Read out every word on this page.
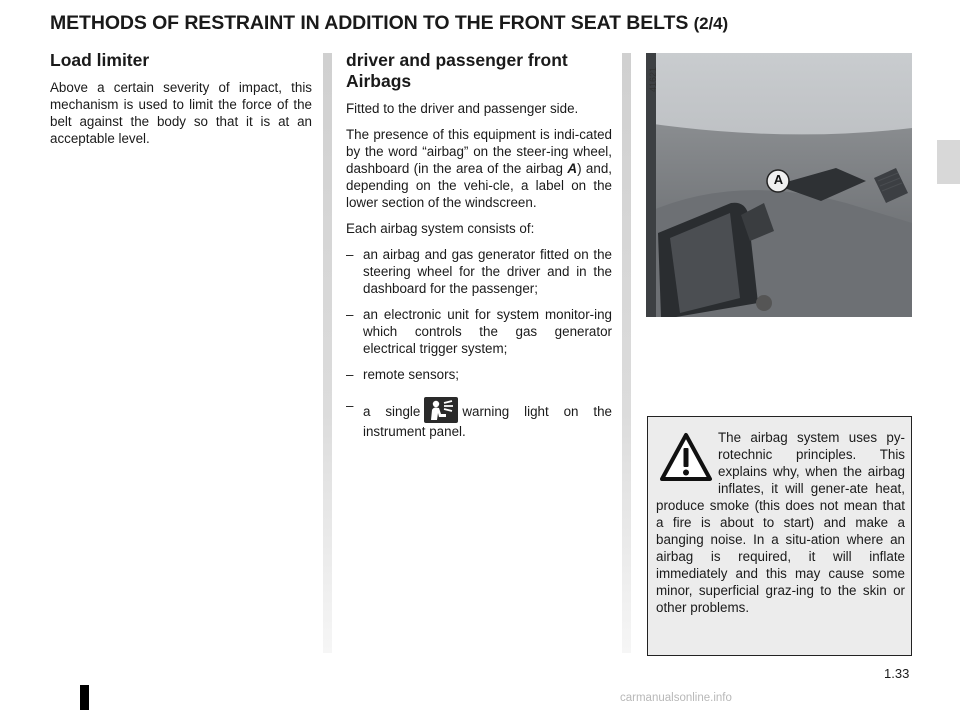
METHODS OF RESTRAINT IN ADDITION TO THE FRONT SEAT BELTS (2/4)
Load limiter

Above a certain severity of impact, this mechanism is used to limit the force of the belt against the body so that it is at an acceptable level.

driver and passenger front
Airbags

Fitted to the driver and passenger side.

The presence of this equipment is indi-cated by the word “airbag” on the steer-ing wheel, dashboard (in the area of the airbag A) and, depending on the vehi-cle, a label on the lower section of the windscreen.

Each airbag system consists of:

– an airbag and gas generator fitted on the steering wheel for the driver and in the dashboard for the passenger;
– an electronic unit for system monitor-ing which controls the gas generator electrical trigger system;
– remote sensors;
– a single	warning light on the instrument panel.
A
41621
The airbag system uses py-rotechnic principles. This explains why, when the airbag inflates, it will gener-ate heat, produce smoke (this does not mean that a fire is about to start) and make a banging noise. In a situ-ation where an airbag is required, it will inflate immediately and this may cause some minor, superficial graz-ing to the skin or other problems.
1.33
carmanualsonline.info
